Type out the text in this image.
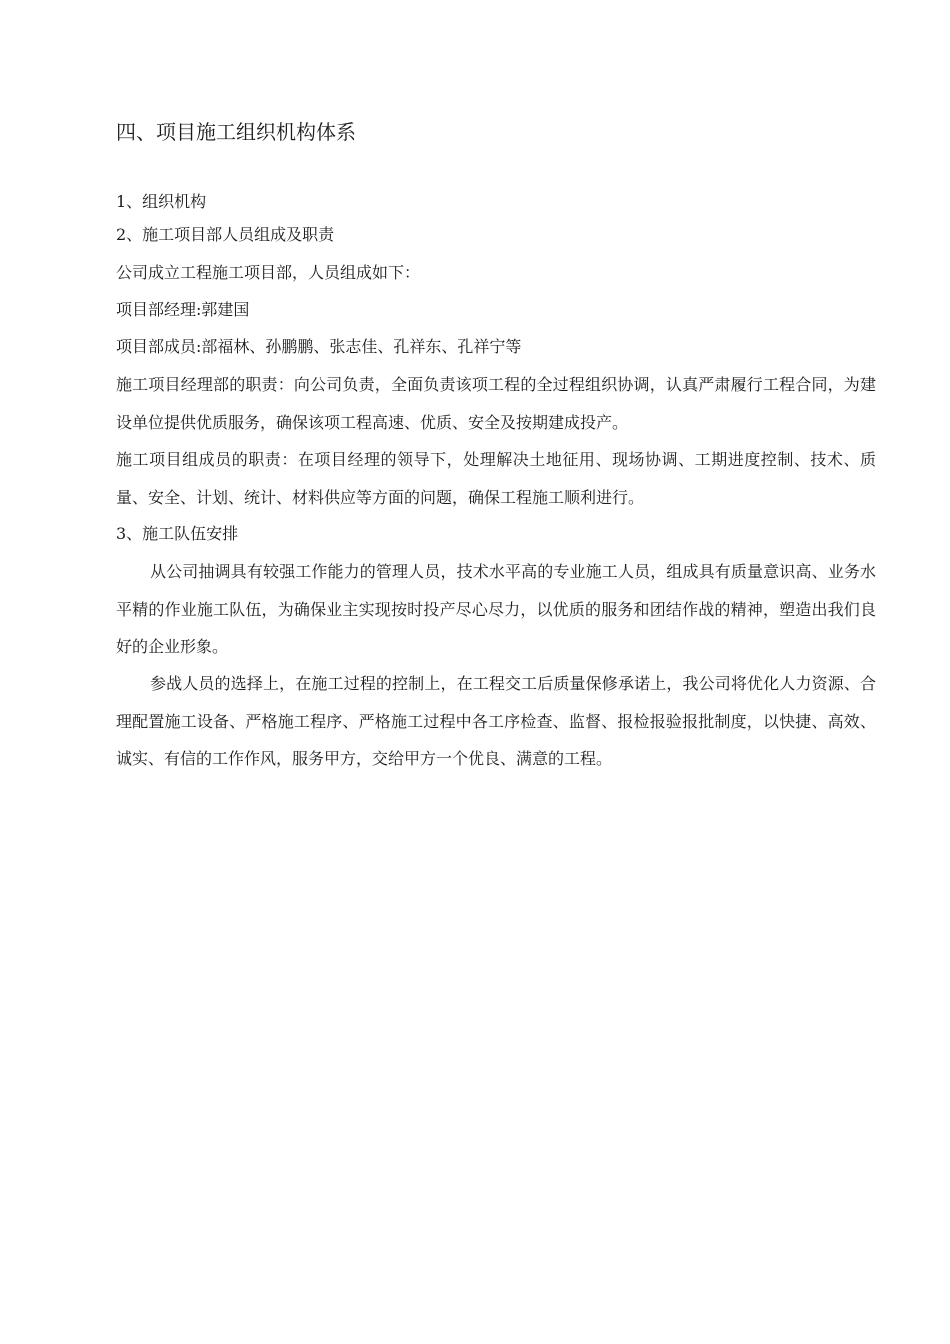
四、项目施工组织机构体系
1、组织机构
2、施工项目部人员组成及职责
公司成立工程施工项目部，人员组成如下：
项目部经理:郭建国
项目部成员:部福林、孙鹏鹏、张志佳、孔祥东、孔祥宁等
施工项目经理部的职责：向公司负责，全面负责该项工程的全过程组织协调，认真严肃履行工程合同，为建设单位提供优质服务，确保该项工程高速、优质、安全及按期建成投产。
施工项目组成员的职责：在项目经理的领导下，处理解决土地征用、现场协调、工期进度控制、技术、质量、安全、计划、统计、材料供应等方面的问题，确保工程施工顺利进行。
3、施工队伍安排
从公司抽调具有较强工作能力的管理人员，技术水平高的专业施工人员，组成具有质量意识高、业务水平精的作业施工队伍，为确保业主实现按时投产尽心尽力，以优质的服务和团结作战的精神，塑造出我们良好的企业形象。
参战人员的选择上，在施工过程的控制上，在工程交工后质量保修承诺上，我公司将优化人力资源、合理配置施工设备、严格施工程序、严格施工过程中各工序检查、监督、报检报验报批制度，以快捷、高效、诚实、有信的工作作风，服务甲方，交给甲方一个优良、满意的工程。
